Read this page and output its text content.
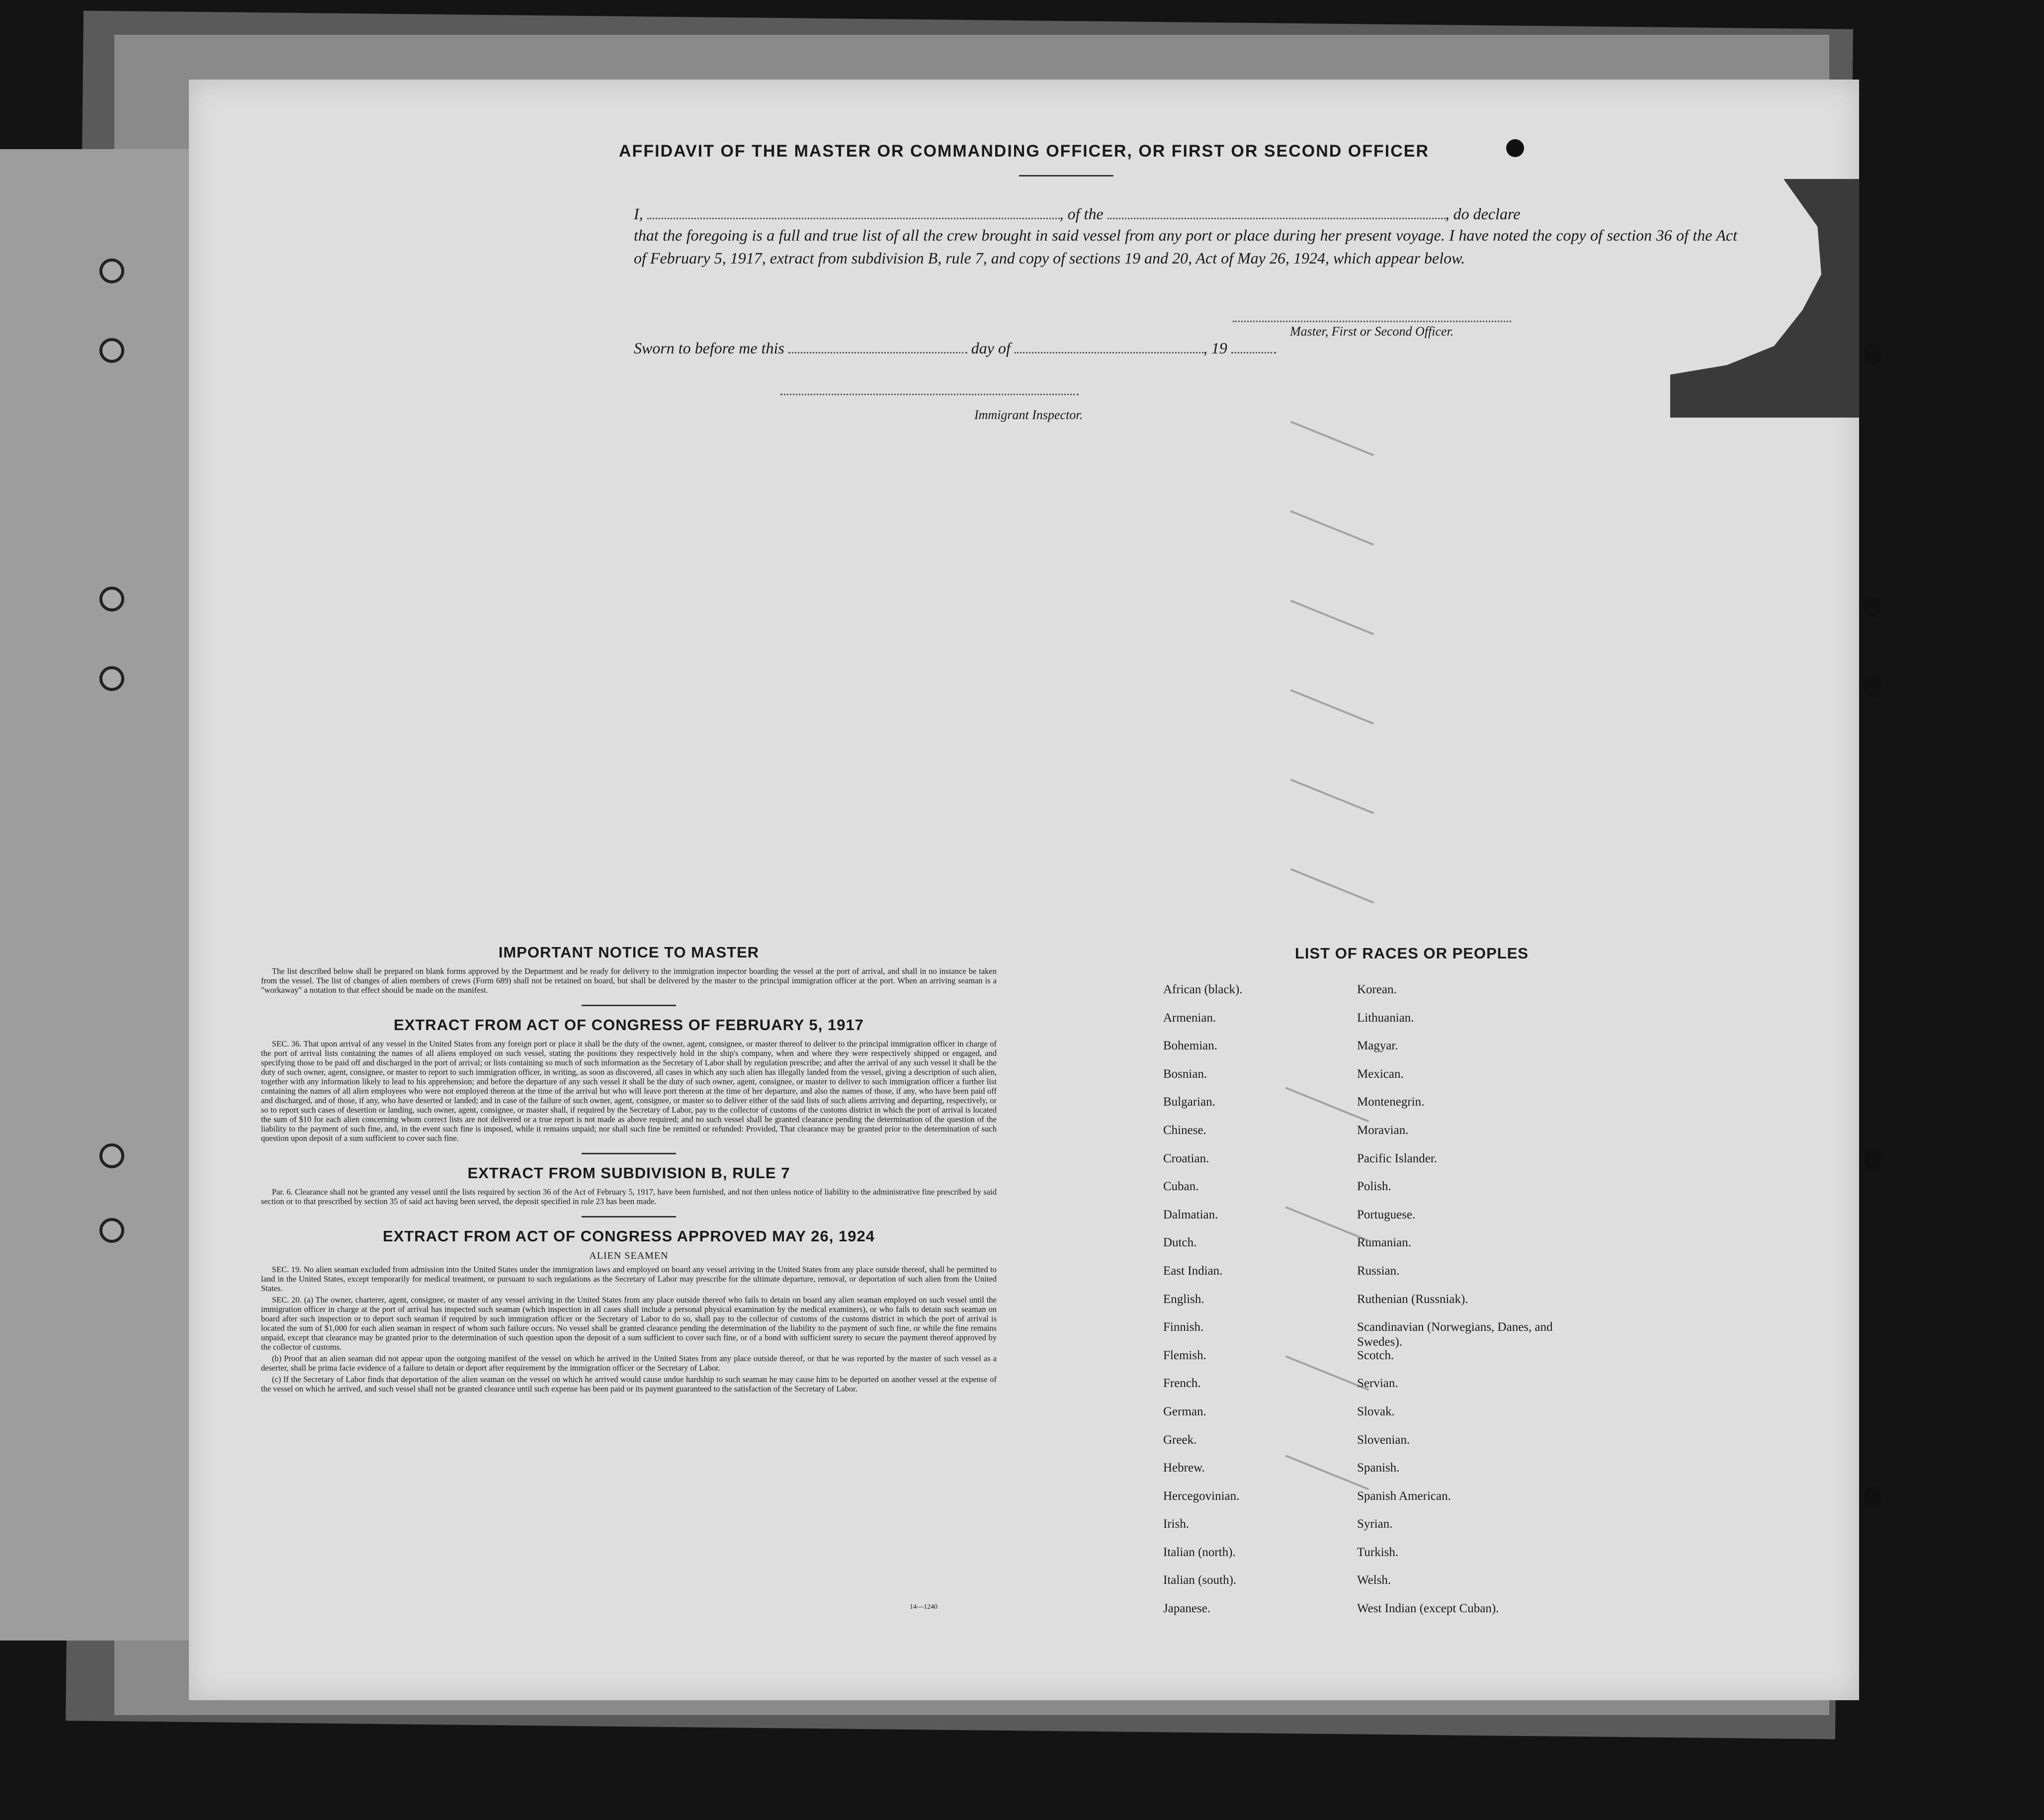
AFFIDAVIT OF THE MASTER OR COMMANDING OFFICER, OR FIRST OR SECOND OFFICER
I,	, of the	, do declare
that the foregoing is a full and true list of all the crew brought in said vessel from any port or place during her present voyage. I have noted the copy of section 36 of the Act of February 5, 1917, extract from subdivision B, rule 7, and copy of sections 19 and 20, Act of May 26, 1924, which appear below.
Master, First or Second Officer.
Sworn to before me this	day of	, 19
Immigrant Inspector.
IMPORTANT NOTICE TO MASTER

The list described below shall be prepared on blank forms approved by the Department and be ready for delivery to the immigration inspector boarding the vessel at the port of arrival, and shall in no instance be taken from the vessel. The list of changes of alien members of crews (Form 689) shall not be retained on board, but shall be delivered by the master to the principal immigration officer at the port. When an arriving seaman is a "workaway" a notation to that effect should be made on the manifest.

EXTRACT FROM ACT OF CONGRESS OF FEBRUARY 5, 1917

SEC. 36. That upon arrival of any vessel in the United States from any foreign port or place it shall be the duty of the owner, agent, consignee, or master thereof to deliver to the principal immigration officer in charge of the port of arrival lists containing the names of all aliens employed on such vessel, stating the positions they respectively hold in the ship's company, when and where they were respectively shipped or engaged, and specifying those to be paid off and discharged in the port of arrival; or lists containing so much of such information as the Secretary of Labor shall by regulation prescribe; and after the arrival of any such vessel it shall be the duty of such owner, agent, consignee, or master to report to such immigration officer, in writing, as soon as discovered, all cases in which any such alien has illegally landed from the vessel, giving a description of such alien, together with any information likely to lead to his apprehension; and before the departure of any such vessel it shall be the duty of such owner, agent, consignee, or master to deliver to such immigration officer a further list containing the names of all alien employees who were not employed thereon at the time of the arrival but who will leave port thereon at the time of her departure, and also the names of those, if any, who have been paid off and discharged, and of those, if any, who have deserted or landed; and in case of the failure of such owner, agent, consignee, or master so to deliver either of the said lists of such aliens arriving and departing, respectively, or so to report such cases of desertion or landing, such owner, agent, consignee, or master shall, if required by the Secretary of Labor, pay to the collector of customs of the customs district in which the port of arrival is located the sum of $10 for each alien concerning whom correct lists are not delivered or a true report is not made as above required; and no such vessel shall be granted clearance pending the determination of the question of the liability to the payment of such fine, and, in the event such fine is imposed, while it remains unpaid; nor shall such fine be remitted or refunded: Provided, That clearance may be granted prior to the determination of such question upon deposit of a sum sufficient to cover such fine.

EXTRACT FROM SUBDIVISION B, RULE 7

Par. 6. Clearance shall not be granted any vessel until the lists required by section 36 of the Act of February 5, 1917, have been furnished, and not then unless notice of liability to the administrative fine prescribed by said section or to that prescribed by section 35 of said act having been served, the deposit specified in rule 23 has been made.

EXTRACT FROM ACT OF CONGRESS APPROVED MAY 26, 1924
ALIEN SEAMEN

SEC. 19. No alien seaman excluded from admission into the United States under the immigration laws and employed on board any vessel arriving in the United States from any place outside thereof, shall be permitted to land in the United States, except temporarily for medical treatment, or pursuant to such regulations as the Secretary of Labor may prescribe for the ultimate departure, removal, or deportation of such alien from the United States.

SEC. 20. (a) The owner, charterer, agent, consignee, or master of any vessel arriving in the United States from any place outside thereof who fails to detain on board any alien seaman employed on such vessel until the immigration officer in charge at the port of arrival has inspected such seaman (which inspection in all cases shall include a personal physical examination by the medical examiners), or who fails to detain such seaman on board after such inspection or to deport such seaman if required by such immigration officer or the Secretary of Labor to do so, shall pay to the collector of customs of the customs district in which the port of arrival is located the sum of $1,000 for each alien seaman in respect of whom such failure occurs. No vessel shall be granted clearance pending the determination of the liability to the payment of such fine, or while the fine remains unpaid, except that clearance may be granted prior to the determination of such question upon the deposit of a sum sufficient to cover such fine, or of a bond with sufficient surety to secure the payment thereof approved by the collector of customs.

(b) Proof that an alien seaman did not appear upon the outgoing manifest of the vessel on which he arrived in the United States from any place outside thereof, or that he was reported by the master of such vessel as a deserter, shall be prima facie evidence of a failure to detain or deport after requirement by the immigration officer or the Secretary of Labor.

(c) If the Secretary of Labor finds that deportation of the alien seaman on the vessel on which he arrived would cause undue hardship to such seaman he may cause him to be deported on another vessel at the expense of the vessel on which he arrived, and such vessel shall not be granted clearance until such expense has been paid or its payment guaranteed to the satisfaction of the Secretary of Labor.

14—1240
LIST OF RACES OR PEOPLES
African (black).
Armenian.
Bohemian.
Bosnian.
Bulgarian.
Chinese.
Croatian.
Cuban.
Dalmatian.
Dutch.
East Indian.
English.
Finnish.
Flemish.
French.
German.
Greek.
Hebrew.
Hercegovinian.
Irish.
Italian (north).
Italian (south).
Japanese.
Korean.
Lithuanian.
Magyar.
Mexican.
Montenegrin.
Moravian.
Pacific Islander.
Polish.
Portuguese.
Rumanian.
Russian.
Ruthenian (Russniak).
Scandinavian (Norwegians, Danes, and Swedes).
Scotch.
Servian.
Slovak.
Slovenian.
Spanish.
Spanish American.
Syrian.
Turkish.
Welsh.
West Indian (except Cuban).
